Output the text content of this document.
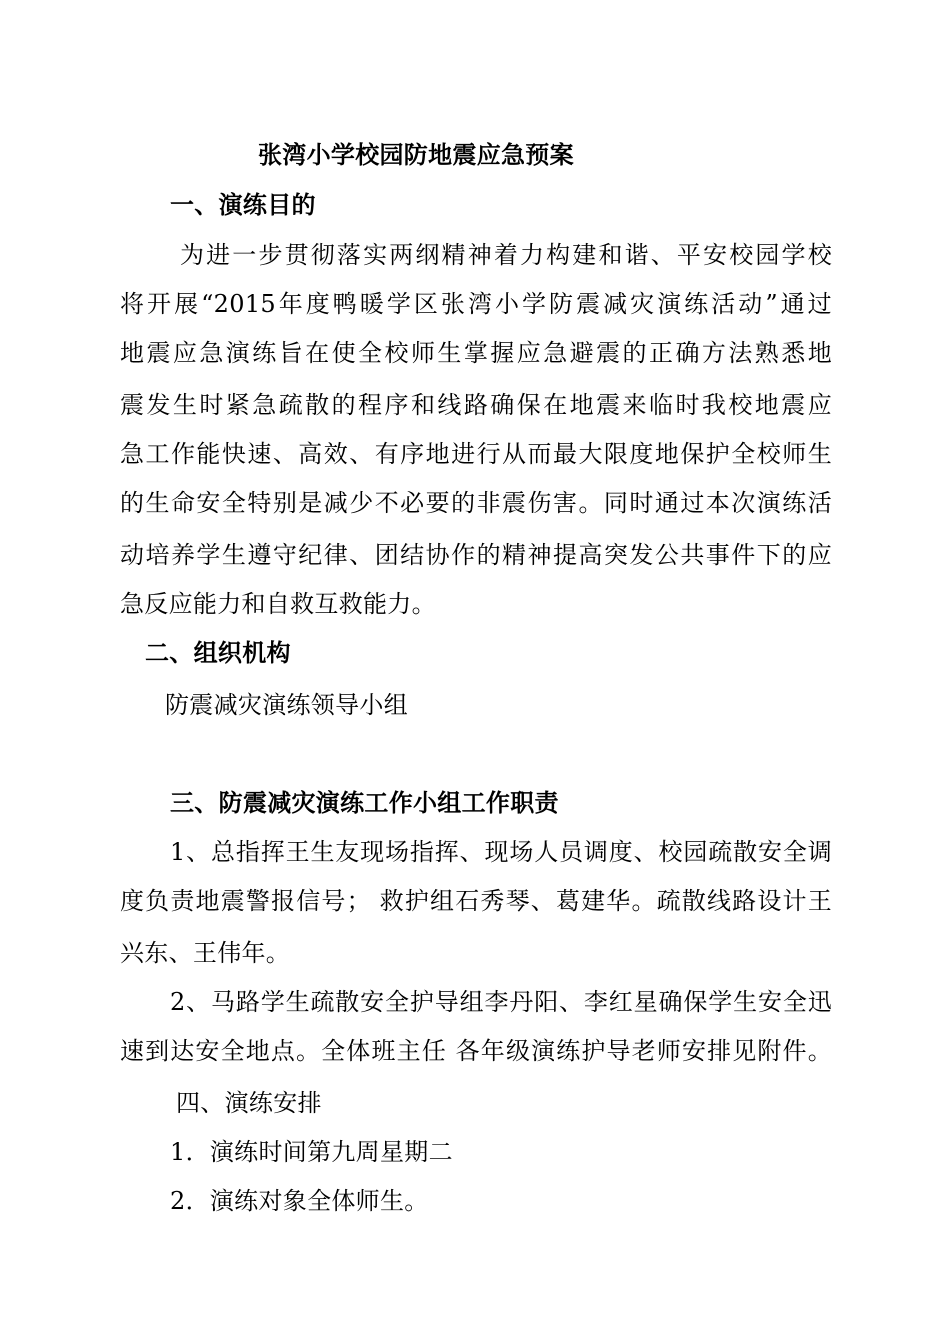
张湾小学校园防地震应急预案
一、演练目的
为进一步贯彻落实两纲精神着力构建和谐、平安校园学校
将开展“2015年度鸭暖学区张湾小学防震减灾演练活动”通过
地震应急演练旨在使全校师生掌握应急避震的正确方法熟悉地
震发生时紧急疏散的程序和线路确保在地震来临时我校地震应
急工作能快速、高效、有序地进行从而最大限度地保护全校师生
的生命安全特别是减少不必要的非震伤害。同时通过本次演练活
动培养学生遵守纪律、团结协作的精神提高突发公共事件下的应
急反应能力和自救互救能力。
二、组织机构
防震减灾演练领导小组
三、防震减灾演练工作小组工作职责
1、总指挥王生友现场指挥、现场人员调度、校园疏散安全调
度负责地震警报信号； 救护组石秀琴、葛建华。疏散线路设计王
兴东、王伟年。
2、马路学生疏散安全护导组李丹阳、李红星确保学生安全迅
速到达安全地点。全体班主任 各年级演练护导老师安排见附件。
四、演练安排
1．演练时间第九周星期二
2．演练对象全体师生。
